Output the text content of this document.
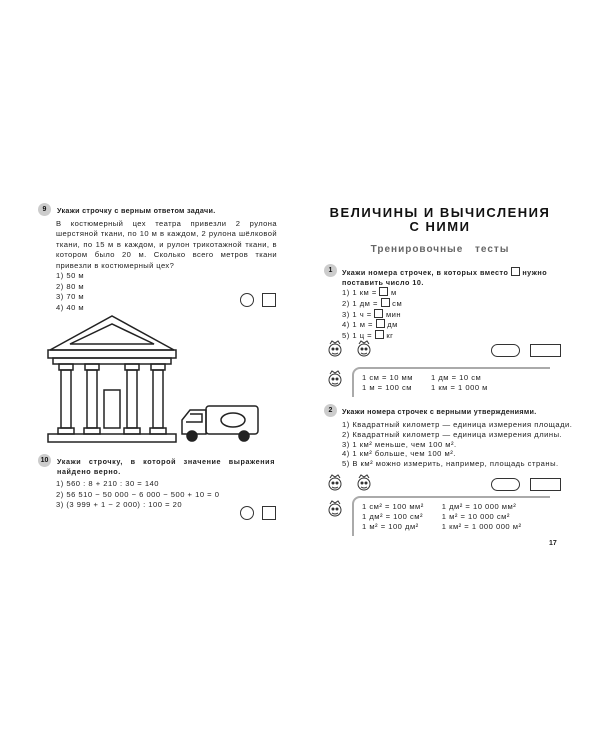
9	Укажи строчку с верным ответом задачи.
В костюмерный цех театра привезли 2 рулона шерстяной ткани, по 10 м в каждом, 2 рулона шёлковой ткани, по 15 м в каждом, и рулон трикотажной ткани, в котором было 20 м. Сколько всего метров ткани привезли в костюмерный цех?
1) 50 м
2) 80 м
3) 70 м
4) 40 м
10	Укажи строчку, в которой значение выражения найдено верно.
1) 560 : 8 + 210 : 30 = 140
2) 56 510 − 50 000 − 6 000 − 500 + 10 = 0
3) (3 999 + 1 − 2 000) : 100 = 20
ВЕЛИЧИНЫ И ВЫЧИСЛЕНИЯ
С НИМИ
Тренировочные тесты
1	Укажи номера строчек, в которых вместо нужно поставить число 10.
1) 1 км = м
2) 1 дм = см
3) 1 ч = мин
4) 1 м = дм
5) 1 ц = кг
1 см = 10 мм	1 дм = 10 см
1 м = 100 см	1 км = 1 000 м
2	Укажи номера строчек с верными утверждениями.
1) Квадратный километр — единица измерения площади.
2) Квадратный километр — единица измерения длины.
3) 1 км² меньше, чем 100 м².
4) 1 км² больше, чем 100 м².
5) В км² можно измерить, например, площадь страны.
1 см² = 100 мм²	1 дм² = 10 000 мм²
1 дм² = 100 см²	1 м² = 10 000 см²
1 м² = 100 дм²	1 км² = 1 000 000 м²
17
